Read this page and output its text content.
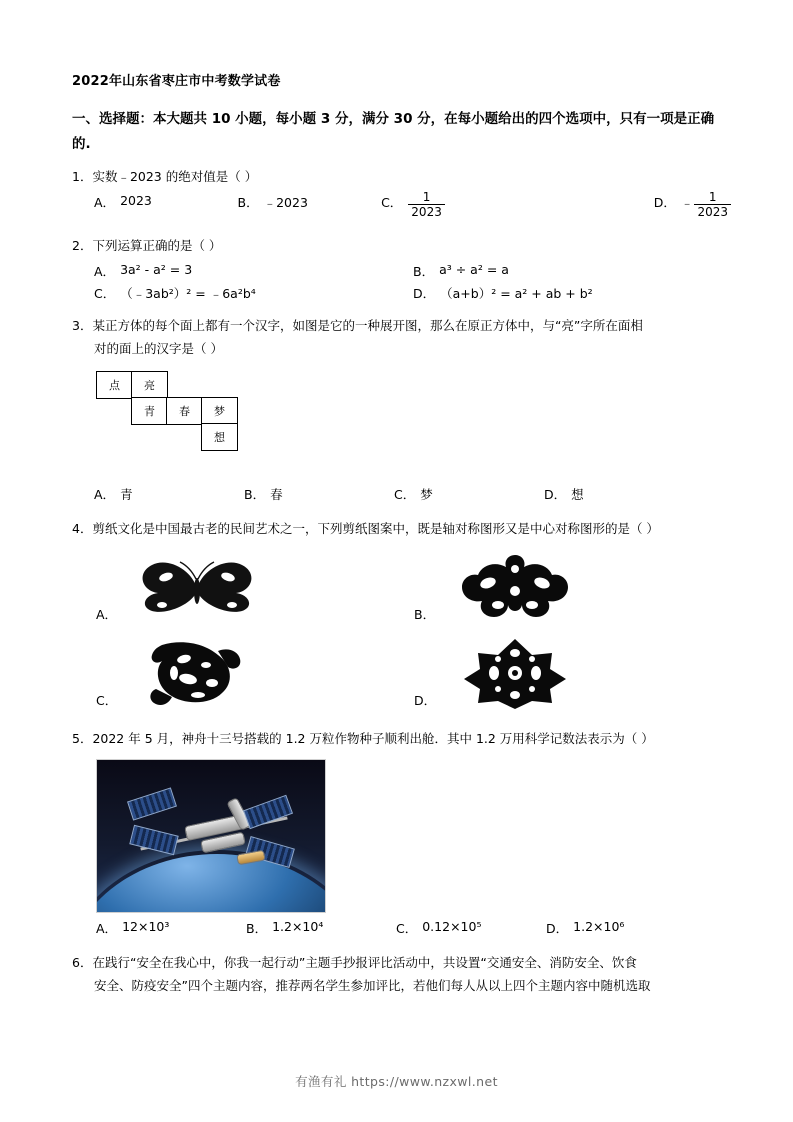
2022年山东省枣庄市中考数学试卷
一、选择题：本大题共 10 小题，每小题 3 分，满分 30 分，在每小题给出的四个选项中，只有一项是正确的.
1．实数﹣2023 的绝对值是（ ）
A． 2023	B． ﹣2023	C． $\frac{1}{2023}$	D． ﹣ $\frac{1}{2023}$
2．下列运算正确的是（ ）
A． 3a² - a² = 3	B． a³ ÷ a² = a
C． （﹣3ab²）² = ﹣6a²b⁴	D． （a+b）² = a² + ab + b²
3．某正方体的每个面上都有一个汉字，如图是它的一种展开图，那么在原正方体中，与“亮”字所在面相
对的面上的汉字是（ ）
点	亮
青	春	梦
想
A． 青	B． 春	C． 梦	D． 想
4．剪纸文化是中国最古老的民间艺术之一，下列剪纸图案中，既是轴对称图形又是中心对称图形的是（ ）
A．	B．
C．	D．
5．2022 年 5 月，神舟十三号搭载的 1.2 万粒作物种子顺利出舱．其中 1.2 万用科学记数法表示为（ ）
A． 12×10³	B． 1.2×10⁴	C． 0.12×10⁵	D． 1.2×10⁶
6．在践行“安全在我心中，你我一起行动”主题手抄报评比活动中，共设置“交通安全、消防安全、饮食
安全、防疫安全”四个主题内容，推荐两名学生参加评比，若他们每人从以上四个主题内容中随机选取
有渔有礼 https://www.nzxwl.net
